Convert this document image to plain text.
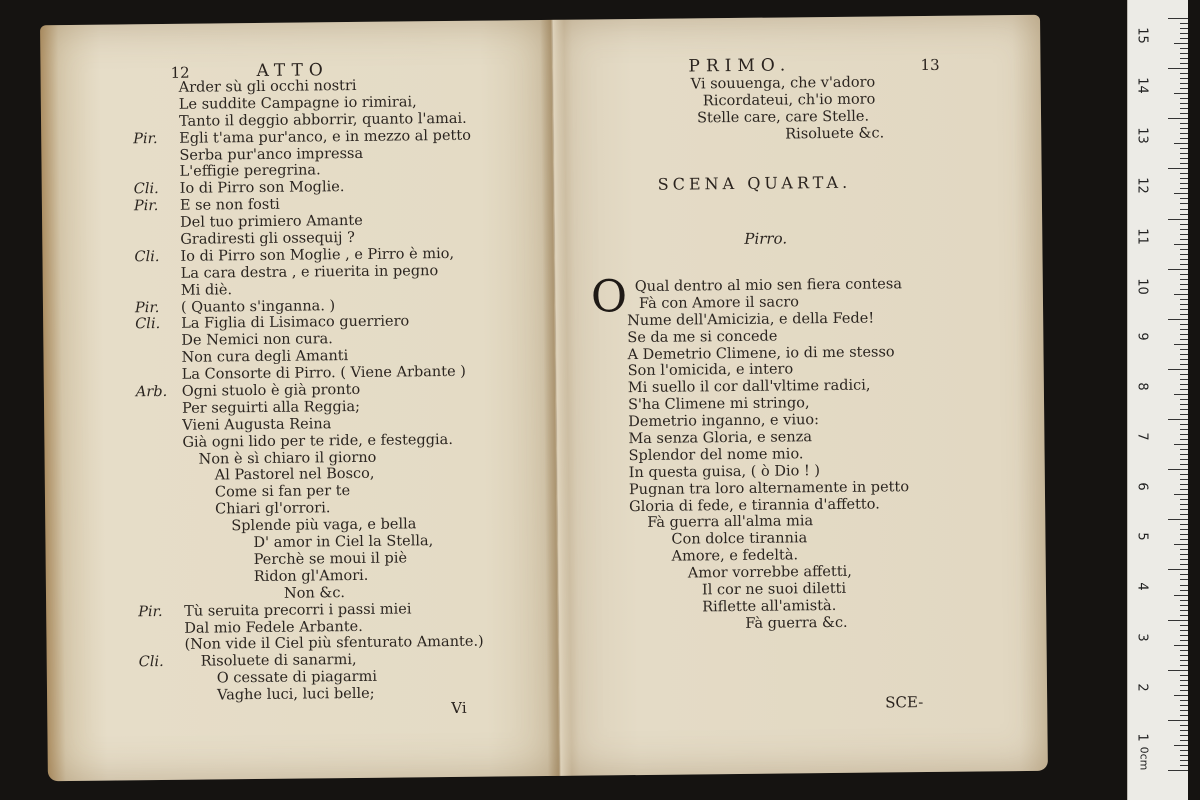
12	ATTO
Arder sù gli occhi nostri
Le suddite Campagne io rimirai,
Tanto il deggio abborrir, quanto l'amai.
Pir. Egli t'ama pur'anco, e in mezzo al petto
Serba pur'anco impressa
L'effigie peregrina.
Cli. Io di Pirro son Moglie.
Pir. E se non fosti
Del tuo primiero Amante
Gradiresti gli ossequij ?
Cli. Io di Pirro son Moglie , e Pirro è mio,
La cara destra , e riuerita in pegno
Mi diè.
Pir. ( Quanto s'inganna. )
Cli. La Figlia di Lisimaco guerriero
De Nemici non cura.
Non cura degli Amanti
La Consorte di Pirro. ( Viene Arbante )
Arb. Ogni stuolo è già pronto
Per seguirti alla Reggia;
Vieni Augusta Reina
Già ogni lido per te ride, e festeggia.
Non è sì chiaro il giorno
Al Pastorel nel Bosco,
Come si fan per te
Chiari gl'orrori.
Splende più vaga, e bella
D' amor in Ciel la Stella,
Perchè se moui il piè
Ridon gl'Amori.
Non &c.
Pir. Tù seruita precorri i passi miei
Dal mio Fedele Arbante.
(Non vide il Ciel più sfenturato Amante.)
Cli.	Risoluete di sanarmi,
O cessate di piagarmi
Vaghe luci, luci belle;
Vi
PRIMO.	13
Vi souuenga, che v'adoro
Ricordateui, ch'io moro
Stelle care, care Stelle.
Risoluete &c.
SCENA QUARTA.
Pirro.
O Qual dentro al mio sen fiera contesa
Fà con Amore il sacro
Nume dell'Amicizia, e della Fede!
Se da me si concede
A Demetrio Climene, io di me stesso
Son l'omicida, e intero
Mi suello il cor dall'vltime radici,
S'ha Climene mi stringo,
Demetrio inganno, e viuo:
Ma senza Gloria, e senza
Splendor del nome mio.
In questa guisa, ( ò Dio ! )
Pugnan tra loro alternamente in petto
Gloria di fede, e tirannia d'affetto.
Fà guerra all'alma mia
Con dolce tirannia
Amore, e fedeltà.
Amor vorrebbe affetti,
Il cor ne suoi diletti
Riflette all'amistà.
Fà guerra &c.
SCE-
0cm
15
14
13
12
11
10
9
8
7
6
5
4
3
2
1
